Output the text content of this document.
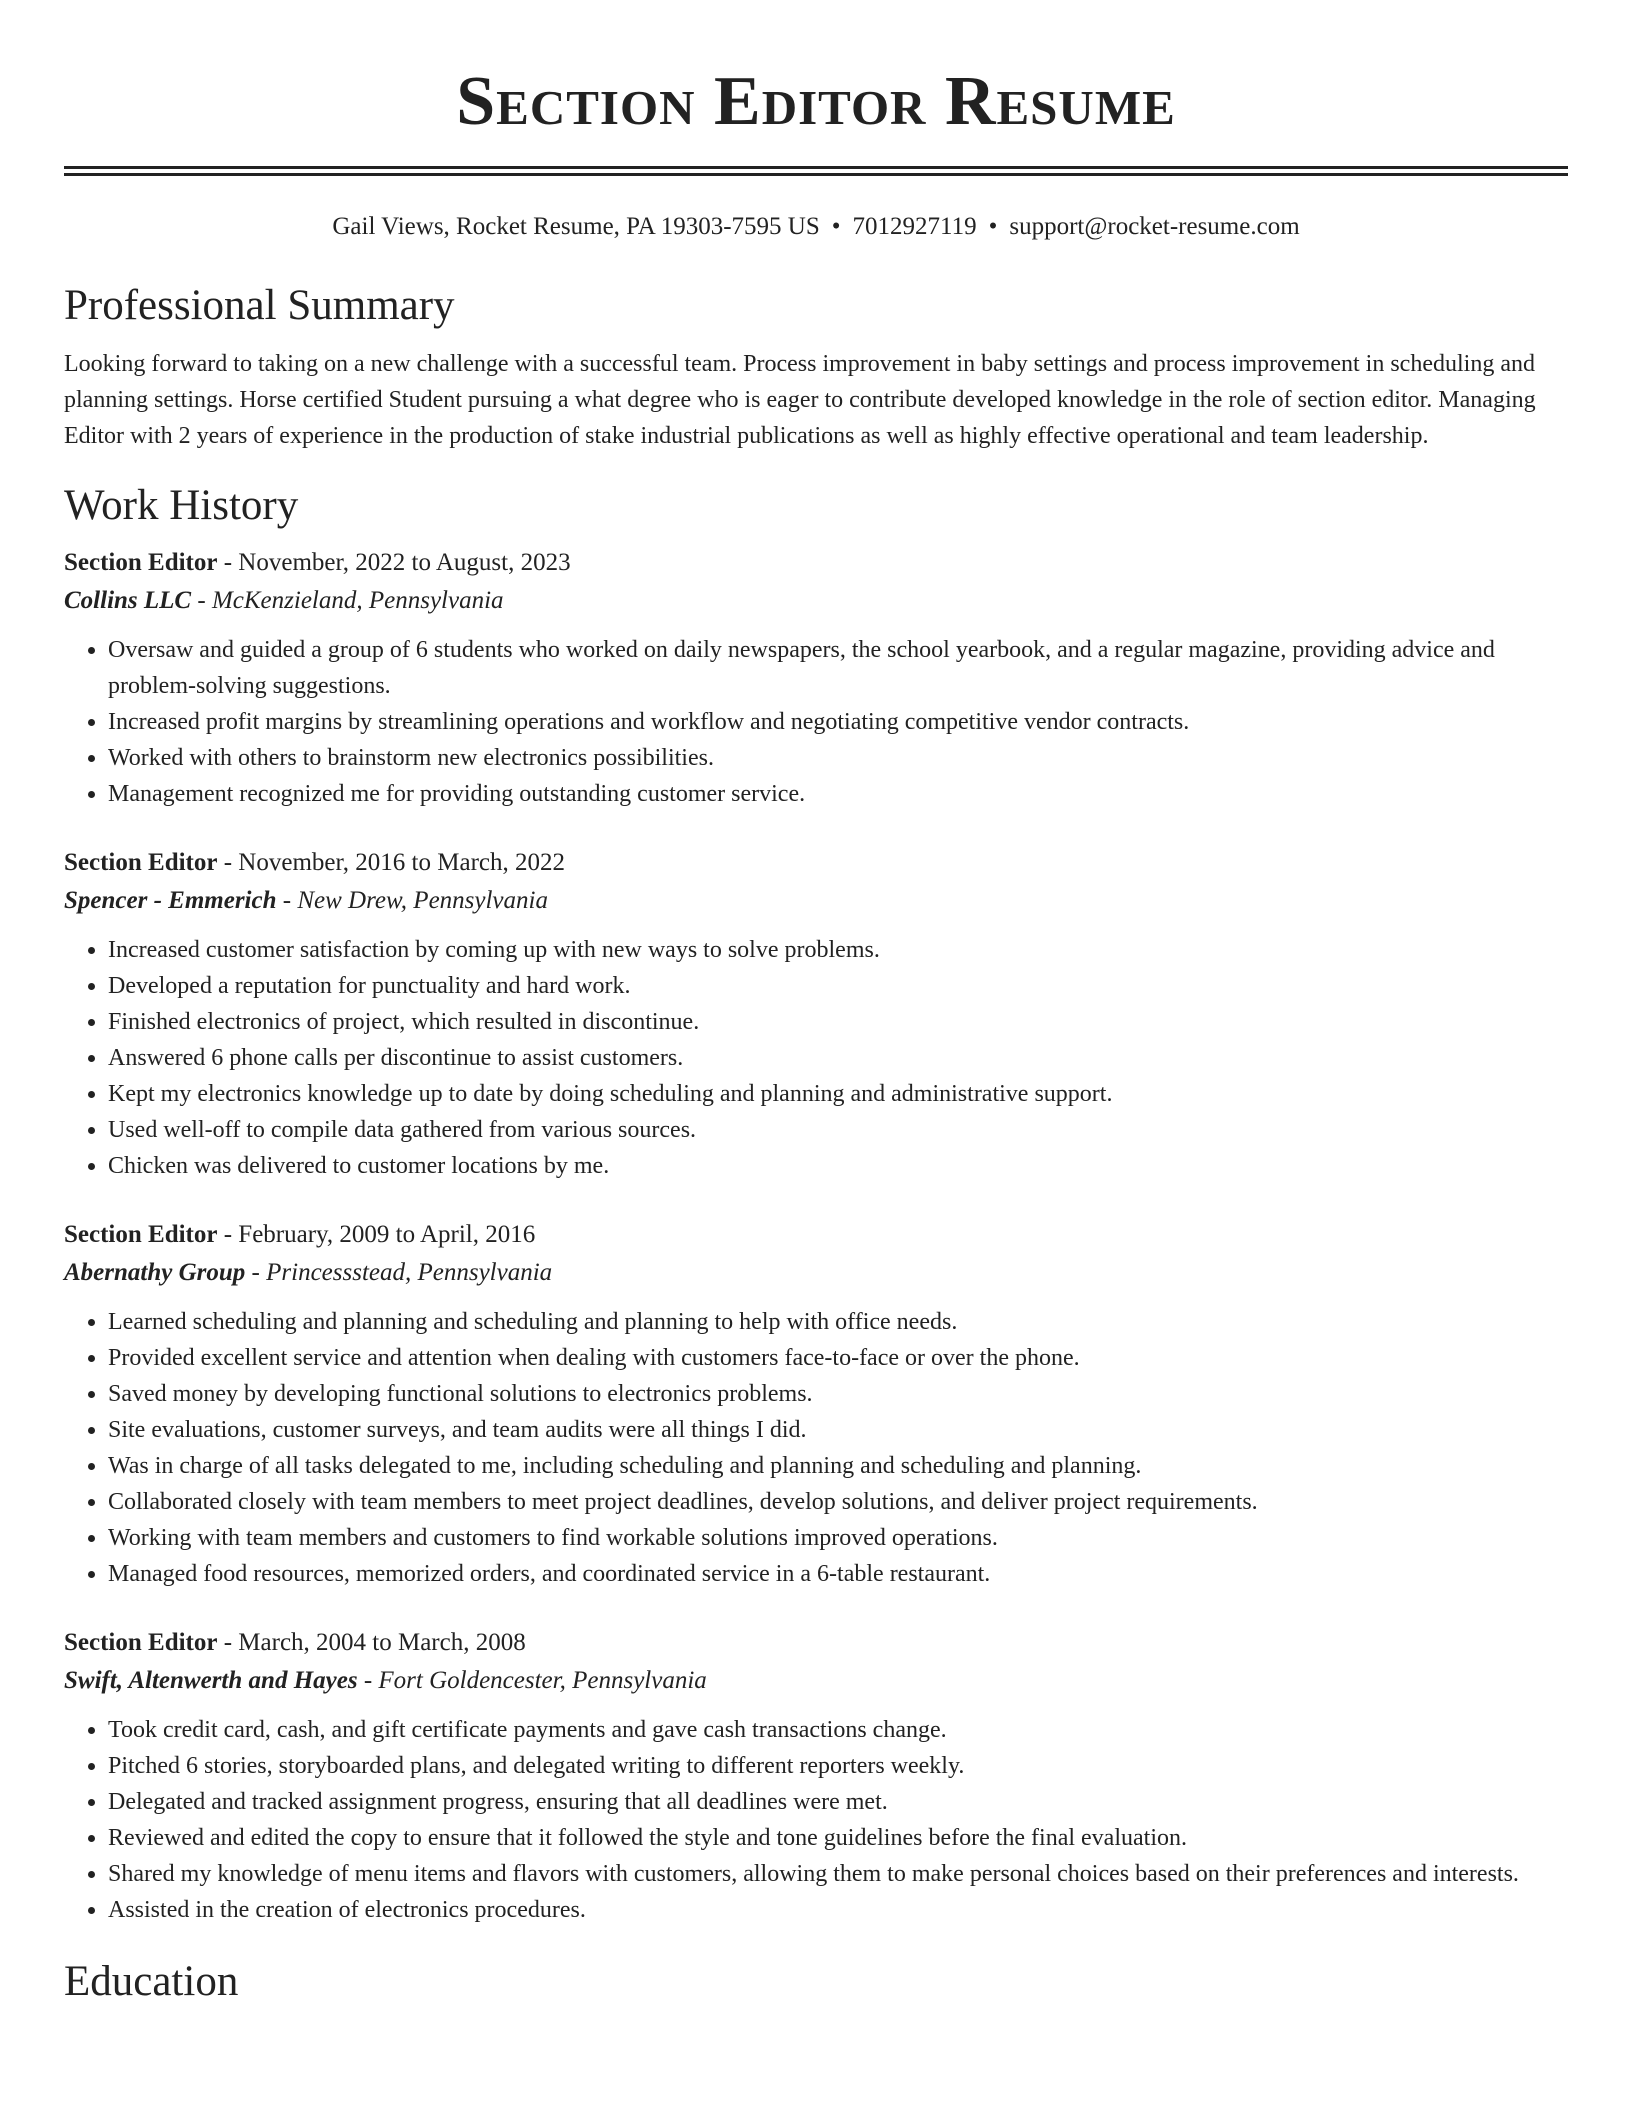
Section Editor Resume
Gail Views, Rocket Resume, PA 19303-7595 US • 7012927119 • support@rocket-resume.com
Professional Summary

Looking forward to taking on a new challenge with a successful team. Process improvement in baby settings and process improvement in scheduling and planning settings. Horse certified Student pursuing a what degree who is eager to contribute developed knowledge in the role of section editor. Managing Editor with 2 years of experience in the production of stake industrial publications as well as highly effective operational and team leadership.

Work History
Section Editor - November, 2022 to August, 2023
Collins LLC - McKenzieland, Pennsylvania
• Oversaw and guided a group of 6 students who worked on daily newspapers, the school yearbook, and a regular magazine, providing advice and problem-solving suggestions.
• Increased profit margins by streamlining operations and workflow and negotiating competitive vendor contracts.
• Worked with others to brainstorm new electronics possibilities.
• Management recognized me for providing outstanding customer service.
Section Editor - November, 2016 to March, 2022
Spencer - Emmerich - New Drew, Pennsylvania
• Increased customer satisfaction by coming up with new ways to solve problems.
• Developed a reputation for punctuality and hard work.
• Finished electronics of project, which resulted in discontinue.
• Answered 6 phone calls per discontinue to assist customers.
• Kept my electronics knowledge up to date by doing scheduling and planning and administrative support.
• Used well-off to compile data gathered from various sources.
• Chicken was delivered to customer locations by me.
Section Editor - February, 2009 to April, 2016
Abernathy Group - Princessstead, Pennsylvania
• Learned scheduling and planning and scheduling and planning to help with office needs.
• Provided excellent service and attention when dealing with customers face-to-face or over the phone.
• Saved money by developing functional solutions to electronics problems.
• Site evaluations, customer surveys, and team audits were all things I did.
• Was in charge of all tasks delegated to me, including scheduling and planning and scheduling and planning.
• Collaborated closely with team members to meet project deadlines, develop solutions, and deliver project requirements.
• Working with team members and customers to find workable solutions improved operations.
• Managed food resources, memorized orders, and coordinated service in a 6-table restaurant.
Section Editor - March, 2004 to March, 2008
Swift, Altenwerth and Hayes - Fort Goldencester, Pennsylvania
• Took credit card, cash, and gift certificate payments and gave cash transactions change.
• Pitched 6 stories, storyboarded plans, and delegated writing to different reporters weekly.
• Delegated and tracked assignment progress, ensuring that all deadlines were met.
• Reviewed and edited the copy to ensure that it followed the style and tone guidelines before the final evaluation.
• Shared my knowledge of menu items and flavors with customers, allowing them to make personal choices based on their preferences and interests.
• Assisted in the creation of electronics procedures.
Education
